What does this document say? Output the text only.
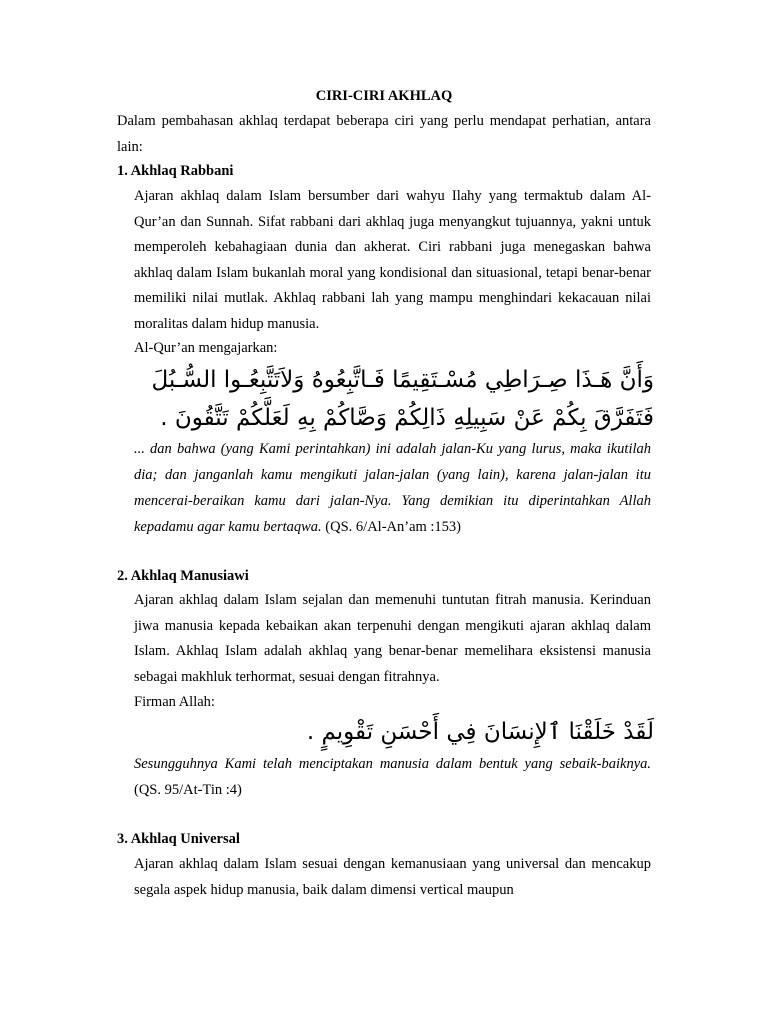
CIRI-CIRI AKHLAQ
Dalam pembahasan akhlaq terdapat beberapa ciri yang perlu mendapat perhatian, antara lain:
1. Akhlaq Rabbani
Ajaran akhlaq dalam Islam bersumber dari wahyu Ilahy yang termaktub dalam Al-Qur’an dan Sunnah. Sifat rabbani dari akhlaq juga menyangkut tujuannya, yakni untuk memperoleh kebahagiaan dunia dan akherat. Ciri rabbani juga menegaskan bahwa akhlaq dalam Islam bukanlah moral yang kondisional dan situasional, tetapi benar-benar memiliki nilai mutlak. Akhlaq rabbani lah yang mampu menghindari kekacauan nilai moralitas dalam hidup manusia.
Al-Qur’an mengajarkan:
وَأَنَّ هَـذَا صِـرَاطِي مُسْـتَقِيمًا فَـاتَّبِعُوهُ وَلاَتَتَّبِعُـوا السُّـبُلَ فَتَفَرَّقَ بِكُمْ عَنْ سَبِيلِهِ ذَالِكُمْ وَصَّاكُمْ بِهِ لَعَلَّكُمْ تَتَّقُونَ .
... dan bahwa (yang Kami perintahkan) ini adalah jalan-Ku yang lurus, maka ikutilah dia; dan janganlah kamu mengikuti jalan-jalan (yang lain), karena jalan-jalan itu mencerai-beraikan kamu dari jalan-Nya. Yang demikian itu diperintahkan Allah kepadamu agar kamu bertaqwa. (QS. 6/Al-An’am :153)
2. Akhlaq Manusiawi
Ajaran akhlaq dalam Islam sejalan dan memenuhi tuntutan fitrah manusia. Kerinduan jiwa manusia kepada kebaikan akan terpenuhi dengan mengikuti ajaran akhlaq dalam Islam. Akhlaq Islam adalah akhlaq yang benar-benar memelihara eksistensi manusia sebagai makhluk terhormat, sesuai dengan fitrahnya.
Firman Allah:
لَقَدْ خَلَقْنَا ٱلإِنسَانَ فِي أَحْسَنِ تَقْوِيمٍ .
Sesungguhnya Kami telah menciptakan manusia dalam bentuk yang sebaik-baiknya. (QS. 95/At-Tin :4)
3. Akhlaq Universal
Ajaran akhlaq dalam Islam sesuai dengan kemanusiaan yang universal dan mencakup segala aspek hidup manusia, baik dalam dimensi vertical maupun
